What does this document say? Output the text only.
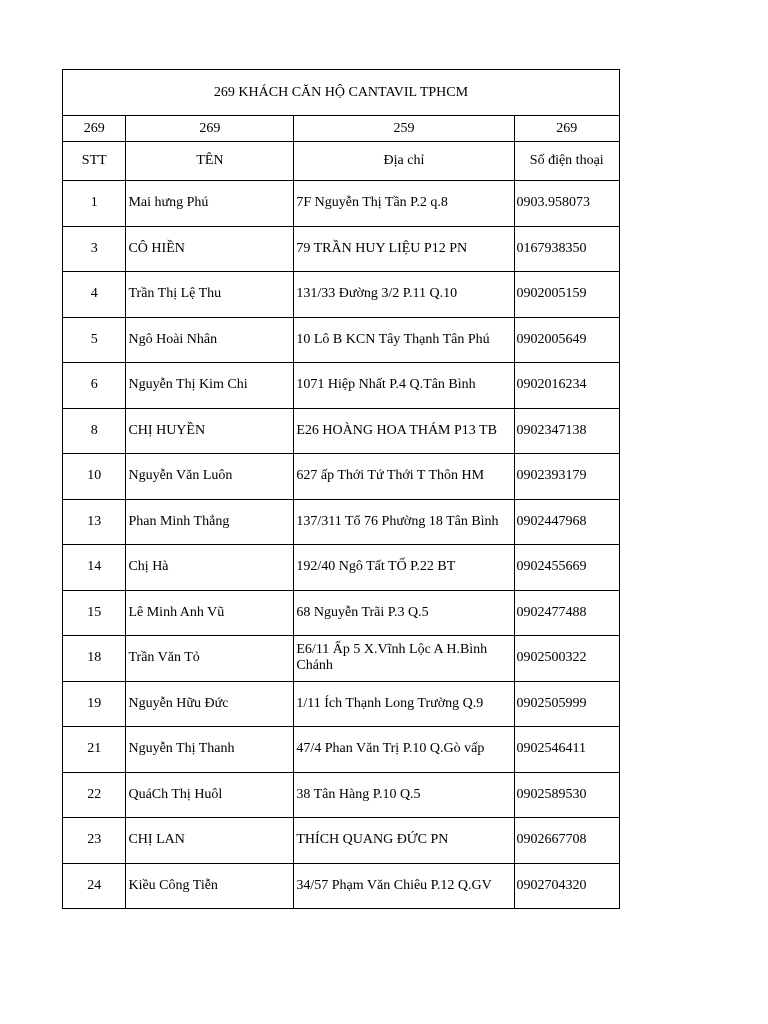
269 KHÁCH CĂN HỘ CANTAVIL TPHCM			
269	269	259	269
STT	TÊN	Địa chỉ	Số điện thoại
1	Mai hưng Phú	7F Nguyễn Thị Tần P.2 q.8	0903.958073
3	CÔ HIỀN	79 TRẦN HUY LIỆU P12 PN	0167938350
4	Trần Thị Lệ Thu	131/33 Đường 3/2 P.11 Q.10	0902005159
5	Ngô Hoài Nhân	10 Lô B KCN Tây Thạnh Tân Phú	0902005649
6	Nguyễn Thị Kim Chi	1071 Hiệp Nhất P.4 Q.Tân Bình	0902016234
8	CHỊ HUYỀN	E26 HOÀNG HOA THÁM P13 TB	0902347138
10	Nguyễn Văn Luôn	627 ấp Thới Tứ Thới T Thôn HM	0902393179
13	Phan Minh Thắng	137/311 Tổ 76 Phường 18 Tân Bình	0902447968
14	Chị Hà	192/40 Ngô Tất TỐ P.22 BT	0902455669
15	Lê Minh Anh Vũ	68 Nguyễn Trãi P.3 Q.5	0902477488
18	Trần Văn Tỏ	E6/11 Ấp 5 X.Vĩnh Lộc A H.Bình Chánh	0902500322
19	Nguyễn Hữu Đức	1/11 Ích Thạnh Long Trường Q.9	0902505999
21	Nguyễn Thị Thanh	47/4 Phan Văn Trị P.10 Q.Gò vấp	0902546411
22	QuáCh Thị Huôl	38 Tân Hàng P.10 Q.5	0902589530
23	CHỊ LAN	THÍCH QUANG ĐỨC PN	0902667708
24	Kiều Công Tiễn	34/57 Phạm Văn Chiêu P.12 Q.GV	0902704320
